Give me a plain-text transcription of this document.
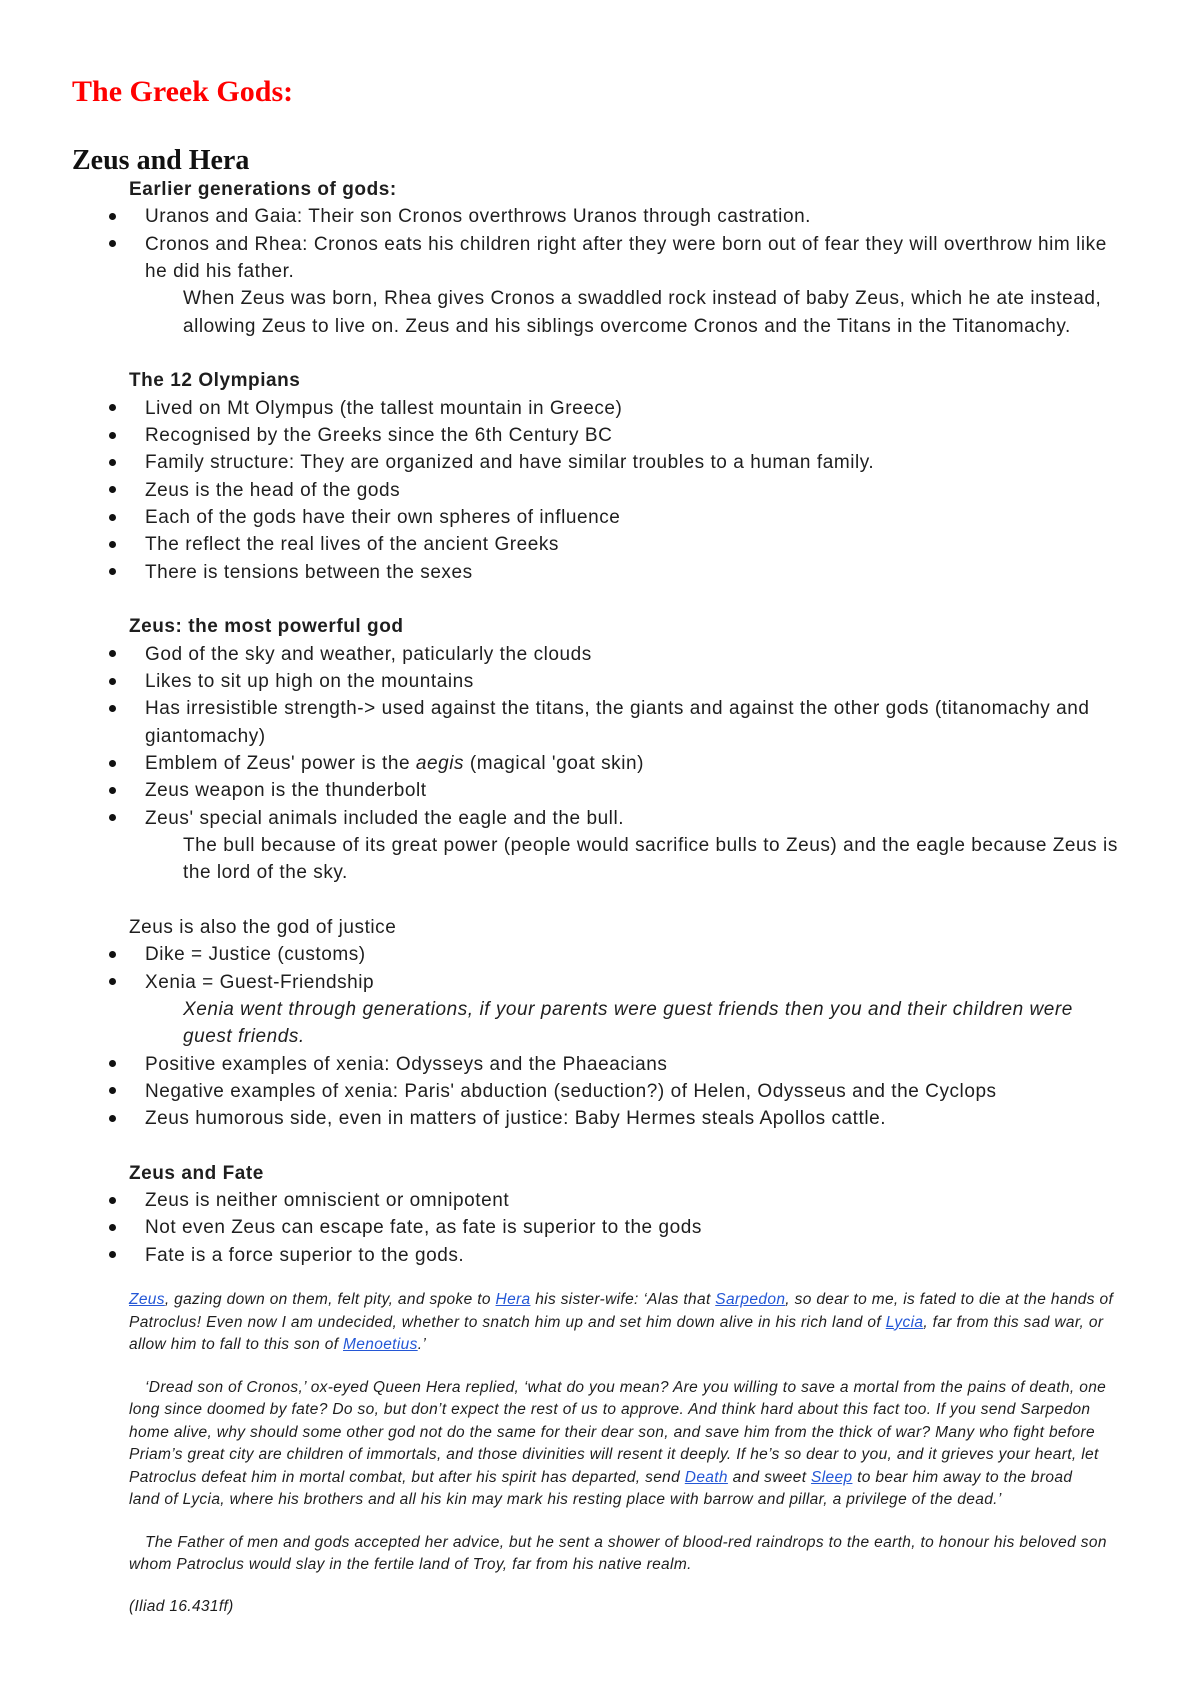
The Greek Gods:
Zeus and Hera
Earlier generations of gods:
Uranos and Gaia: Their son Cronos overthrows Uranos through castration.
Cronos and Rhea: Cronos eats his children right after they were born out of fear they will overthrow him like
he did his father.
When Zeus was born, Rhea gives Cronos a swaddled rock instead of baby Zeus, which he ate instead,
allowing Zeus to live on. Zeus and his siblings overcome Cronos and the Titans in the Titanomachy.
The 12 Olympians
Lived on Mt Olympus (the tallest mountain in Greece)
Recognised by the Greeks since the 6th Century BC
Family structure: They are organized and have similar troubles to a human family.
Zeus is the head of the gods
Each of the gods have their own spheres of influence
The reflect the real lives of the ancient Greeks
There is tensions between the sexes
Zeus: the most powerful god
God of the sky and weather, paticularly the clouds
Likes to sit up high on the mountains
Has irresistible strength-> used against the titans, the giants and against the other gods (titanomachy and
giantomachy)
Emblem of Zeus' power is the aegis (magical 'goat skin)
Zeus weapon is the thunderbolt
Zeus' special animals included the eagle and the bull.
The bull because of its great power (people would sacrifice bulls to Zeus) and the eagle because Zeus is
the lord of the sky.
Zeus is also the god of justice
Dike = Justice (customs)
Xenia = Guest-Friendship
Xenia went through generations, if your parents were guest friends then you and their children were
guest friends.
Positive examples of xenia: Odysseys and the Phaeacians
Negative examples of xenia: Paris' abduction (seduction?) of Helen, Odysseus and the Cyclops
Zeus humorous side, even in matters of justice: Baby Hermes steals Apollos cattle.
Zeus and Fate
Zeus is neither omniscient or omnipotent
Not even Zeus can escape fate, as fate is superior to the gods
Fate is a force superior to the gods.
Zeus, gazing down on them, felt pity, and spoke to Hera his sister-wife: ‘Alas that Sarpedon, so dear to me, is fated to die at the hands of
Patroclus! Even now I am undecided, whether to snatch him up and set him down alive in his rich land of Lycia, far from this sad war, or
allow him to fall to this son of Menoetius.’
‘Dread son of Cronos,’ ox-eyed Queen Hera replied, ‘what do you mean? Are you willing to save a mortal from the pains of death, one
long since doomed by fate? Do so, but don’t expect the rest of us to approve. And think hard about this fact too. If you send Sarpedon
home alive, why should some other god not do the same for their dear son, and save him from the thick of war? Many who fight before
Priam’s great city are children of immortals, and those divinities will resent it deeply. If he’s so dear to you, and it grieves your heart, let
Patroclus defeat him in mortal combat, but after his spirit has departed, send Death and sweet Sleep to bear him away to the broad
land of Lycia, where his brothers and all his kin may mark his resting place with barrow and pillar, a privilege of the dead.’
The Father of men and gods accepted her advice, but he sent a shower of blood-red raindrops to the earth, to honour his beloved son
whom Patroclus would slay in the fertile land of Troy, far from his native realm.
(Iliad 16.431ff)
